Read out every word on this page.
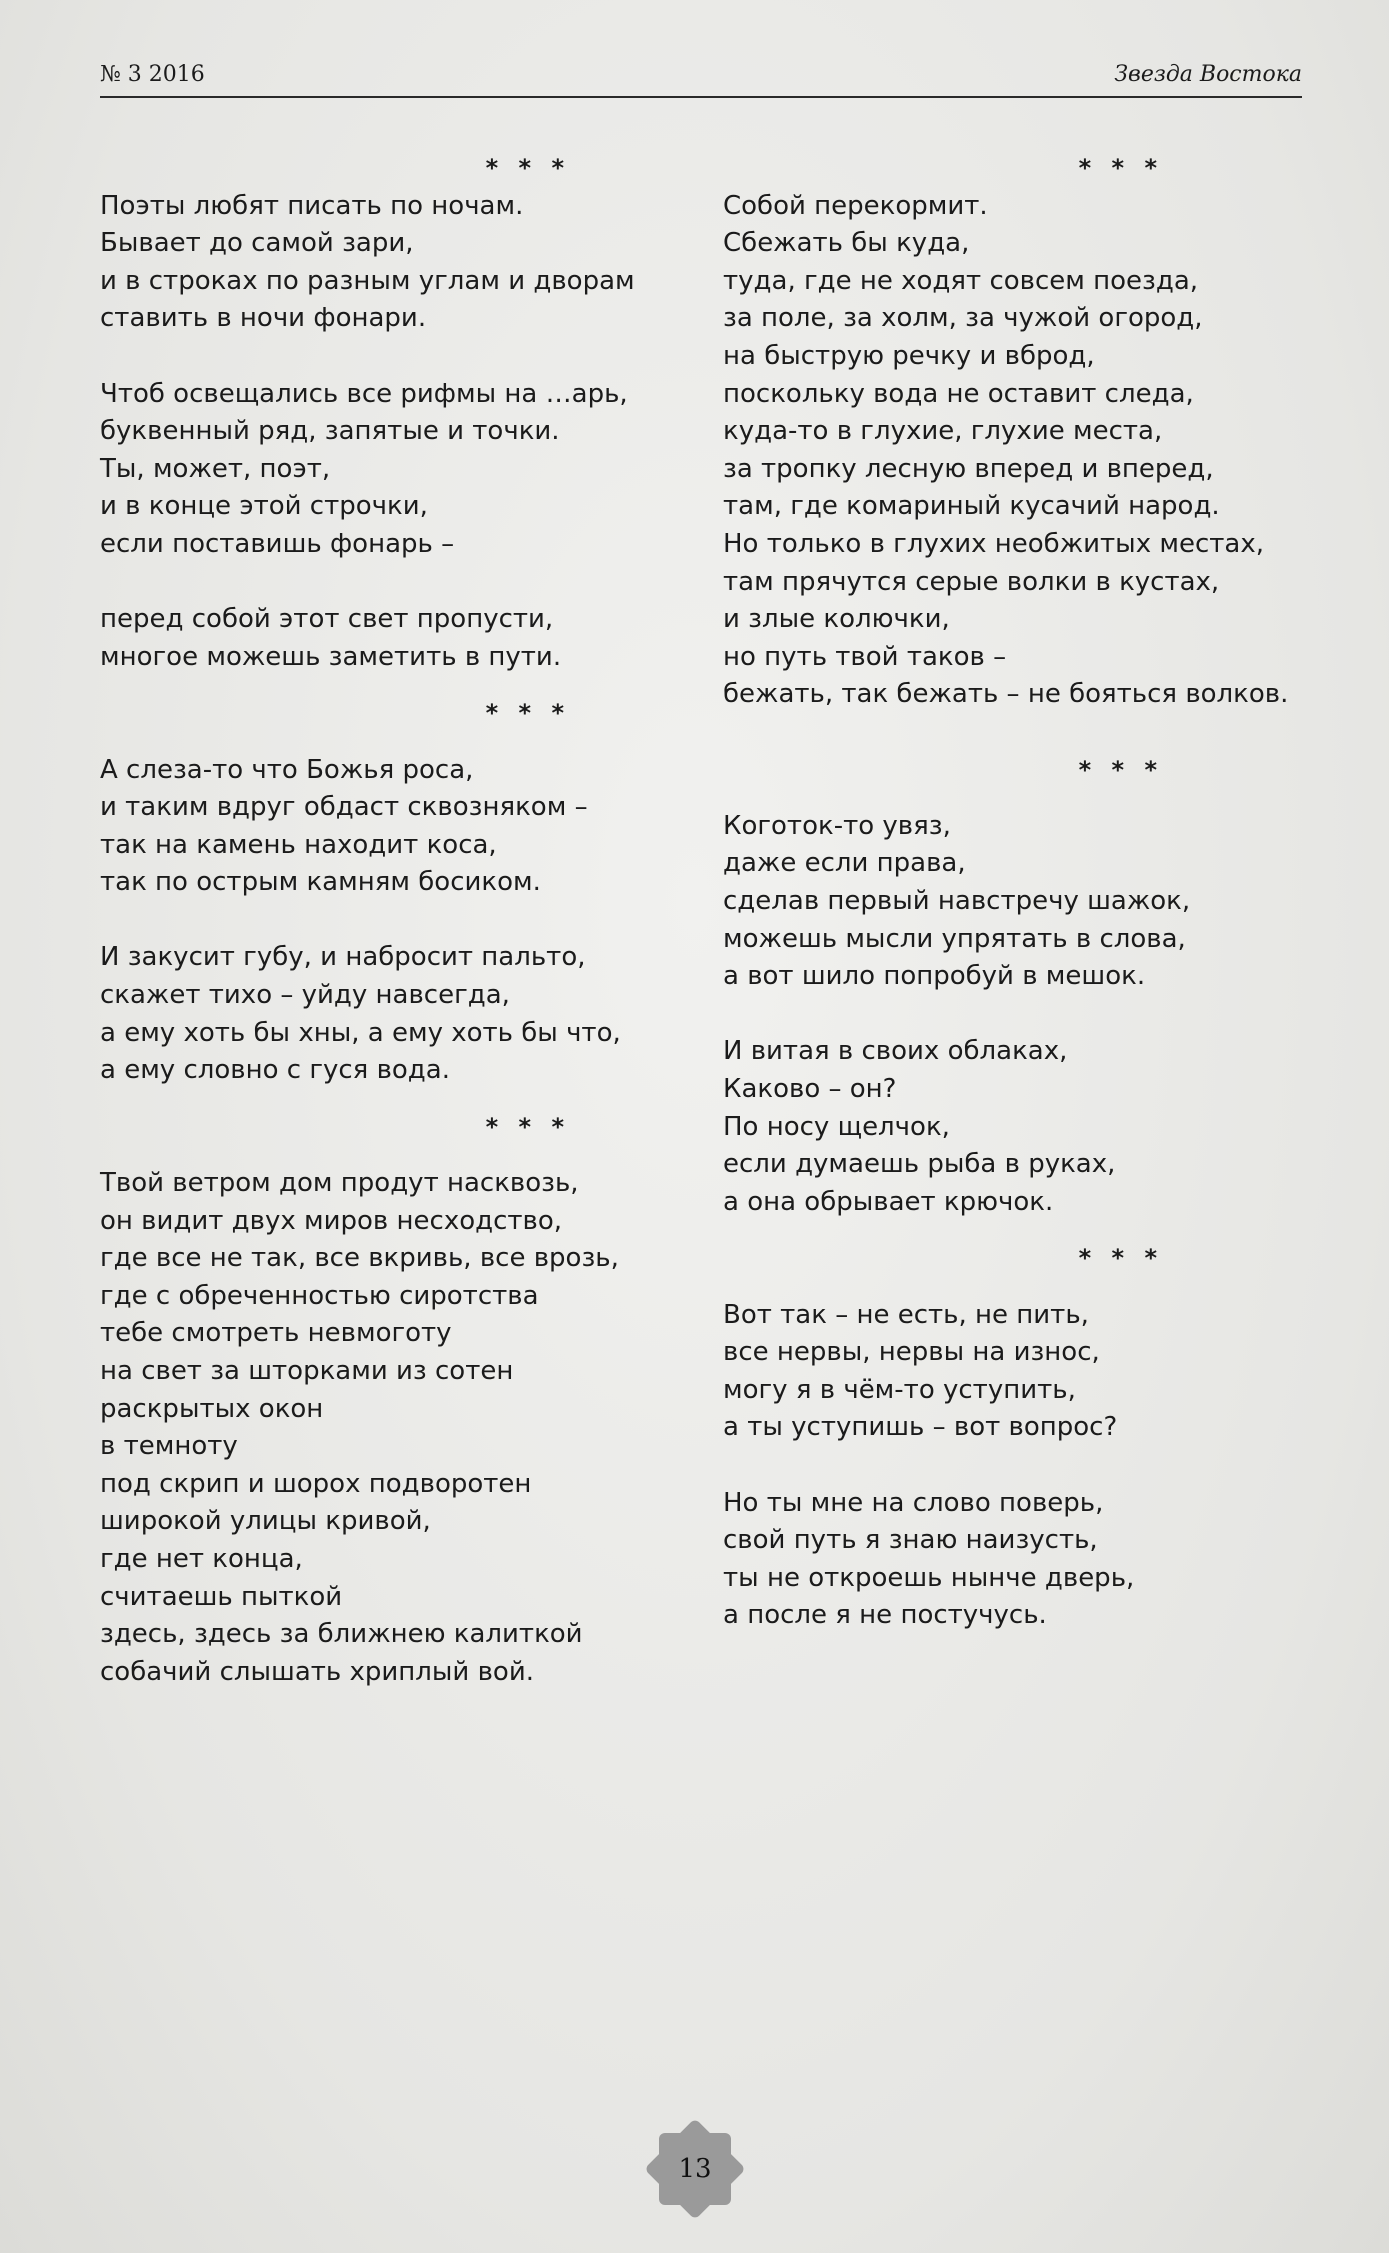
№ 3 2016	Звезда Востока
* * *
Поэты любят писать по ночам.
Бывает до самой зари,
и в строках по разным углам и дворам
ставить в ночи фонари.
Чтоб освещались все рифмы на …арь,
буквенный ряд, запятые и точки.
Ты, может, поэт,
и в конце этой строчки,
если поставишь фонарь –
перед собой этот свет пропусти,
многое можешь заметить в пути.
* * *
А слеза-то что Божья роса,
и таким вдруг обдаст сквозняком –
так на камень находит коса,
так по острым камням босиком.
И закусит губу, и набросит пальто,
скажет тихо – уйду навсегда,
а ему хоть бы хны, а ему хоть бы что,
а ему словно с гуся вода.
* * *
Твой ветром дом продут насквозь,
он видит двух миров несходство,
где все не так, все вкривь, все врозь,
где с обреченностью сиротства
тебе смотреть невмоготу
на свет за шторками из сотен
раскрытых окон
в темноту
под скрип и шорох подворотен
широкой улицы кривой,
где нет конца,
считаешь пыткой
здесь, здесь за ближнею калиткой
собачий слышать хриплый вой.
* * *
Собой перекормит.
Сбежать бы куда,
туда, где не ходят совсем поезда,
за поле, за холм, за чужой огород,
на быструю речку и вброд,
поскольку вода не оставит следа,
куда-то в глухие, глухие места,
за тропку лесную вперед и вперед,
там, где комариный кусачий народ.
Но только в глухих необжитых местах,
там прячутся серые волки в кустах,
и злые колючки,
но путь твой таков –
бежать, так бежать – не бояться волков.
* * *
Коготок-то увяз,
даже если права,
сделав первый навстречу шажок,
можешь мысли упрятать в слова,
а вот шило попробуй в мешок.
И витая в своих облаках,
Каково – он?
По носу щелчок,
если думаешь рыба в руках,
а она обрывает крючок.
* * *
Вот так – не есть, не пить,
все нервы, нервы на износ,
могу я в чём-то уступить,
а ты уступишь – вот вопрос?
Но ты мне на слово поверь,
свой путь я знаю наизусть,
ты не откроешь нынче дверь,
а после я не постучусь.
13
